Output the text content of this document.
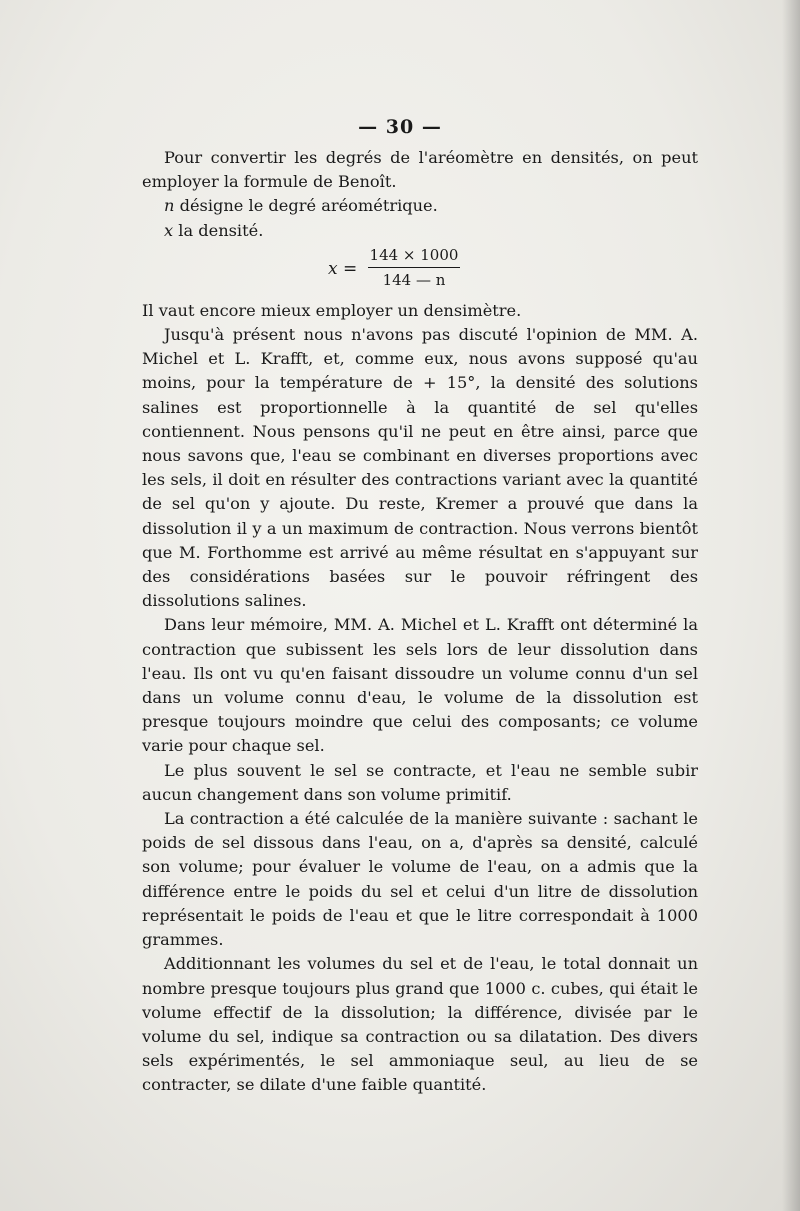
— 30 —

Pour convertir les degrés de l'aréomètre en densités, on peut employer la formule de Benoît.

n désigne le degré aréométrique.

x la densité.

x =
144 × 1000
144 — n

Il vaut encore mieux employer un densimètre.

Jusqu'à présent nous n'avons pas discuté l'opinion de MM. A. Michel et L. Krafft, et, comme eux, nous avons supposé qu'au moins, pour la température de + 15°, la densité des solutions salines est proportionnelle à la quantité de sel qu'elles contiennent. Nous pensons qu'il ne peut en être ainsi, parce que nous savons que, l'eau se combinant en diverses proportions avec les sels, il doit en résulter des contractions variant avec la quantité de sel qu'on y ajoute. Du reste, Kremer a prouvé que dans la dissolution il y a un maximum de contraction. Nous verrons bientôt que M. Forthomme est arrivé au même résultat en s'appuyant sur des considérations basées sur le pouvoir réfringent des dissolutions salines.

Dans leur mémoire, MM. A. Michel et L. Krafft ont déterminé la contraction que subissent les sels lors de leur dissolution dans l'eau. Ils ont vu qu'en faisant dissoudre un volume connu d'un sel dans un volume connu d'eau, le volume de la dissolution est presque toujours moindre que celui des composants; ce volume varie pour chaque sel.

Le plus souvent le sel se contracte, et l'eau ne semble subir aucun changement dans son volume primitif.

La contraction a été calculée de la manière suivante : sachant le poids de sel dissous dans l'eau, on a, d'après sa densité, calculé son volume; pour évaluer le volume de l'eau, on a admis que la différence entre le poids du sel et celui d'un litre de dissolution représentait le poids de l'eau et que le litre correspondait à 1000 grammes.

Additionnant les volumes du sel et de l'eau, le total donnait un nombre presque toujours plus grand que 1000 c. cubes, qui était le volume effectif de la dissolution; la différence, divisée par le volume du sel, indique sa contraction ou sa dilatation. Des divers sels expérimentés, le sel ammoniaque seul, au lieu de se contracter, se dilate d'une faible quantité.
